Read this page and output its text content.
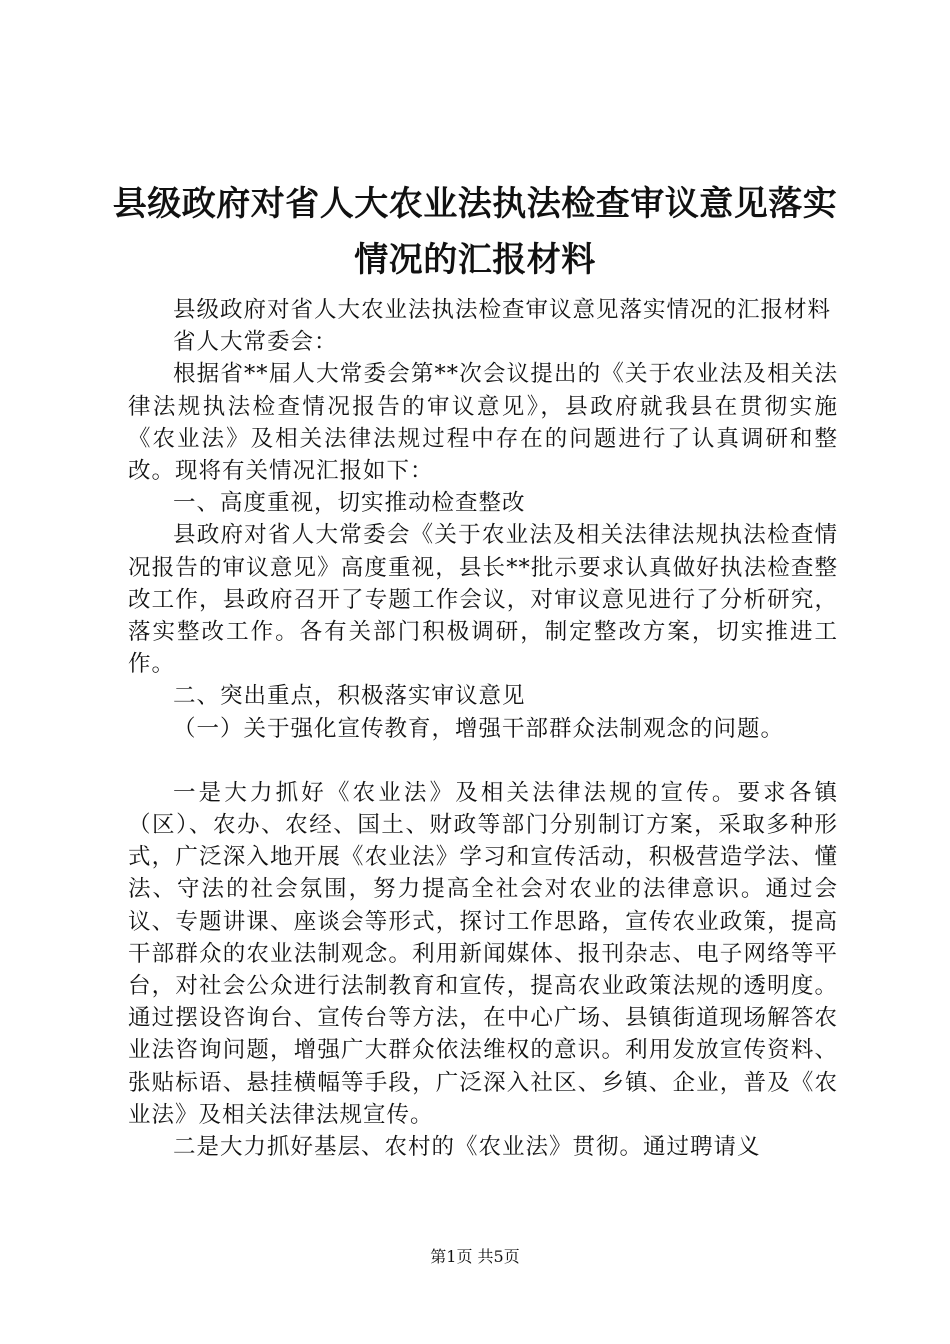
县级政府对省人大农业法执法检查审议意见落实情况的汇报材料

县级政府对省人大农业法执法检查审议意见落实情况的汇报材料

省人大常委会：

根据省**届人大常委会第**次会议提出的《关于农业法及相关法律法规执法检查情况报告的审议意见》，县政府就我县在贯彻实施《农业法》及相关法律法规过程中存在的问题进行了认真调研和整改。现将有关情况汇报如下：

一、高度重视，切实推动检查整改

县政府对省人大常委会《关于农业法及相关法律法规执法检查情况报告的审议意见》高度重视，县长**批示要求认真做好执法检查整改工作，县政府召开了专题工作会议，对审议意见进行了分析研究，落实整改工作。各有关部门积极调研，制定整改方案，切实推进工作。

二、突出重点，积极落实审议意见

（一）关于强化宣传教育，增强干部群众法制观念的问题。

一是大力抓好《农业法》及相关法律法规的宣传。要求各镇（区）、农办、农经、国土、财政等部门分别制订方案，采取多种形式，广泛深入地开展《农业法》学习和宣传活动，积极营造学法、懂法、守法的社会氛围，努力提高全社会对农业的法律意识。通过会议、专题讲课、座谈会等形式，探讨工作思路，宣传农业政策，提高干部群众的农业法制观念。利用新闻媒体、报刊杂志、电子网络等平台，对社会公众进行法制教育和宣传，提高农业政策法规的透明度。通过摆设咨询台、宣传台等方法，在中心广场、县镇街道现场解答农业法咨询问题，增强广大群众依法维权的意识。利用发放宣传资料、张贴标语、悬挂横幅等手段，广泛深入社区、乡镇、企业，普及《农业法》及相关法律法规宣传。

二是大力抓好基层、农村的《农业法》贯彻。通过聘请义

第1页 共5页
